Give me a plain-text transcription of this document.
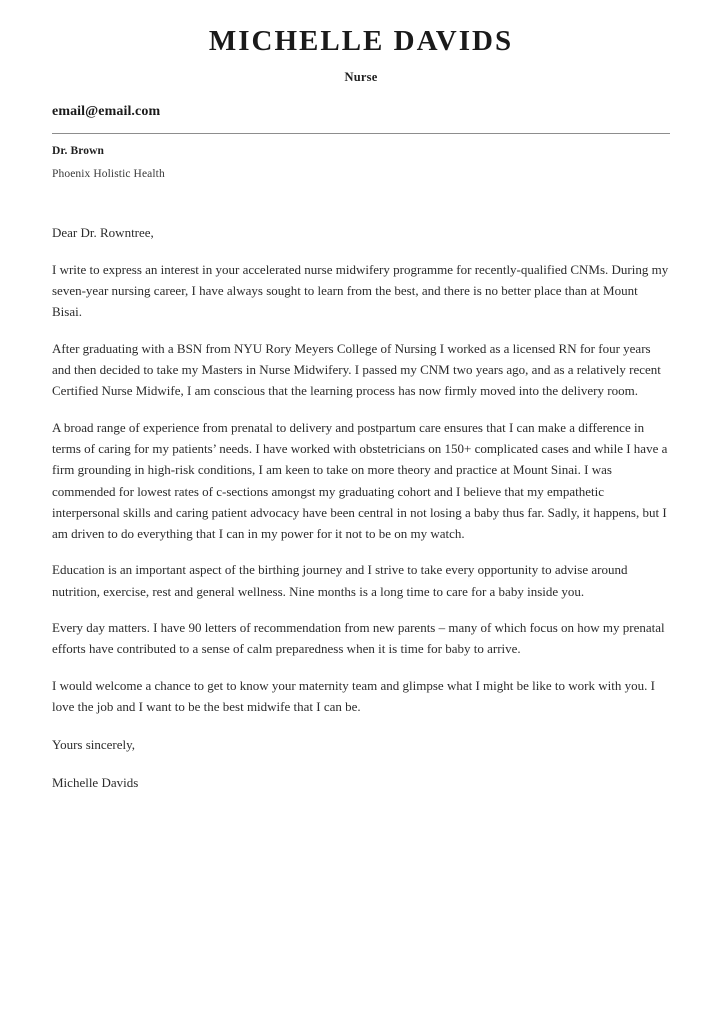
MICHELLE DAVIDS
Nurse
email@email.com
Dr. Brown
Phoenix Holistic Health

Dear Dr. Rowntree,

I write to express an interest in your accelerated nurse midwifery programme for recently-qualified CNMs. During my seven-year nursing career, I have always sought to learn from the best, and there is no better place than at Mount Bisai.

After graduating with a BSN from NYU Rory Meyers College of Nursing I worked as a licensed RN for four years and then decided to take my Masters in Nurse Midwifery. I passed my CNM two years ago, and as a relatively recent Certified Nurse Midwife, I am conscious that the learning process has now firmly moved into the delivery room.

A broad range of experience from prenatal to delivery and postpartum care ensures that I can make a difference in terms of caring for my patients’ needs. I have worked with obstetricians on 150+ complicated cases and while I have a firm grounding in high-risk conditions, I am keen to take on more theory and practice at Mount Sinai. I was commended for lowest rates of c-sections amongst my graduating cohort and I believe that my empathetic interpersonal skills and caring patient advocacy have been central in not losing a baby thus far. Sadly, it happens, but I am driven to do everything that I can in my power for it not to be on my watch.

Education is an important aspect of the birthing journey and I strive to take every opportunity to advise around nutrition, exercise, rest and general wellness. Nine months is a long time to care for a baby inside you.

Every day matters. I have 90 letters of recommendation from new parents – many of which focus on how my prenatal efforts have contributed to a sense of calm preparedness when it is time for baby to arrive.

I would welcome a chance to get to know your maternity team and glimpse what I might be like to work with you. I love the job and I want to be the best midwife that I can be.

Yours sincerely,

Michelle Davids
